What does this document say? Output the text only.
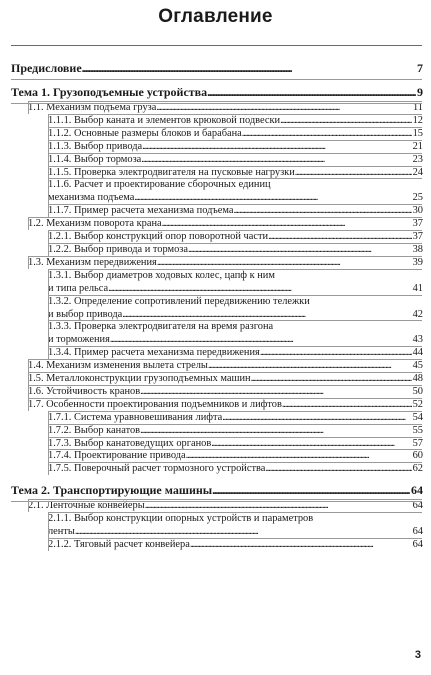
Оглавление
Предисловие . . .	7
Тема 1. Грузоподъемные устройства . . .	9
1.1. Механизм подъема груза . . .	11
1.1.1. Выбор каната и элементов крюковой подвески . . .	12
1.1.2. Основные размеры блоков и барабана . . .	15
1.1.3. Выбор привода . . .	21
1.1.4. Выбор тормоза . . .	23
1.1.5. Проверка электродвигателя на пусковые нагрузки . . .	24
1.1.6. Расчет и проектирование сборочных единиц
механизма подъема . . .	25
1.1.7. Пример расчета механизма подъема . . .	30
1.2. Механизм поворота крана . . .	37
1.2.1. Выбор конструкций опор поворотной части . . .	37
1.2.2. Выбор привода и тормоза . . .	38
1.3. Механизм передвижения . . .	39
1.3.1. Выбор диаметров ходовых колес, цапф к ним
и типа рельса . . .	41
1.3.2. Определение сопротивлений передвижению тележки
и выбор привода . . .	42
1.3.3. Проверка электродвигателя на время разгона
и торможения . . .	43
1.3.4. Пример расчета механизма передвижения . . .	44
1.4. Механизм изменения вылета стрелы . . .	45
1.5. Металлоконструкции грузоподъемных машин . . .	48
1.6. Устойчивость кранов . . .	50
1.7. Особенности проектирования подъемников и лифтов . . .	52
1.7.1. Система уравновешивания лифта . . .	54
1.7.2. Выбор канатов . . .	55
1.7.3. Выбор канатоведущих органов . . .	57
1.7.4. Проектирование привода . . .	60
1.7.5. Поверочный расчет тормозного устройства . . .	62
Тема 2. Транспортирующие машины . . .	64
2.1. Ленточные конвейеры . . .	64
2.1.1. Выбор конструкции опорных устройств и параметров
ленты . . .	64
2.1.2. Тяговый расчет конвейера . . .	64
3
